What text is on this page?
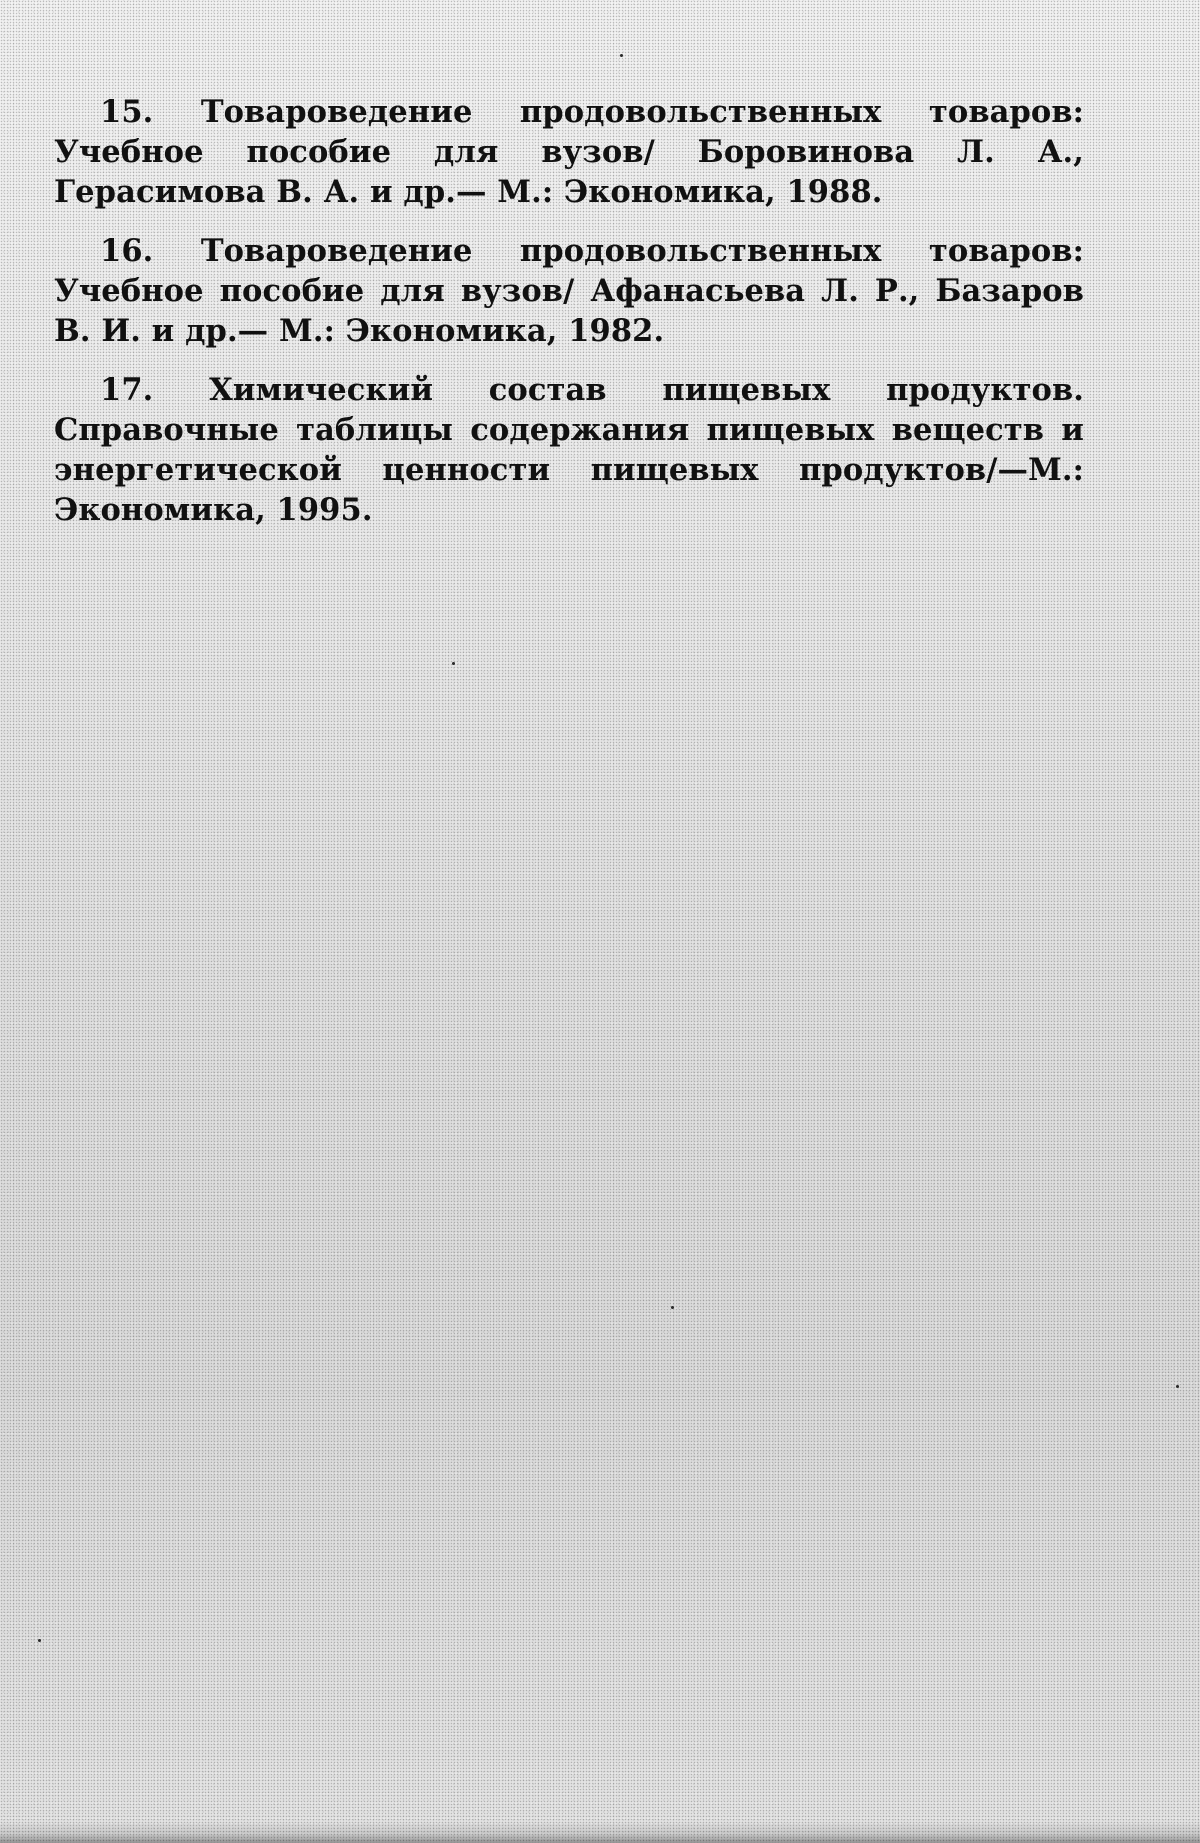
15. Товароведение продовольственных товаров: Учебное пособие для вузов/ Боровинова Л. А., Герасимова В. А. и др.— М.: Экономика, 1988.
16. Товароведение продовольственных товаров: Учебное пособие для вузов/ Афанасьева Л. Р., Базаров В. И. и др.— М.: Экономика, 1982.
17. Химический состав пищевых продуктов. Справочные таблицы содержания пищевых веществ и энергетической ценности пищевых продуктов/—М.: Экономика, 1995.
